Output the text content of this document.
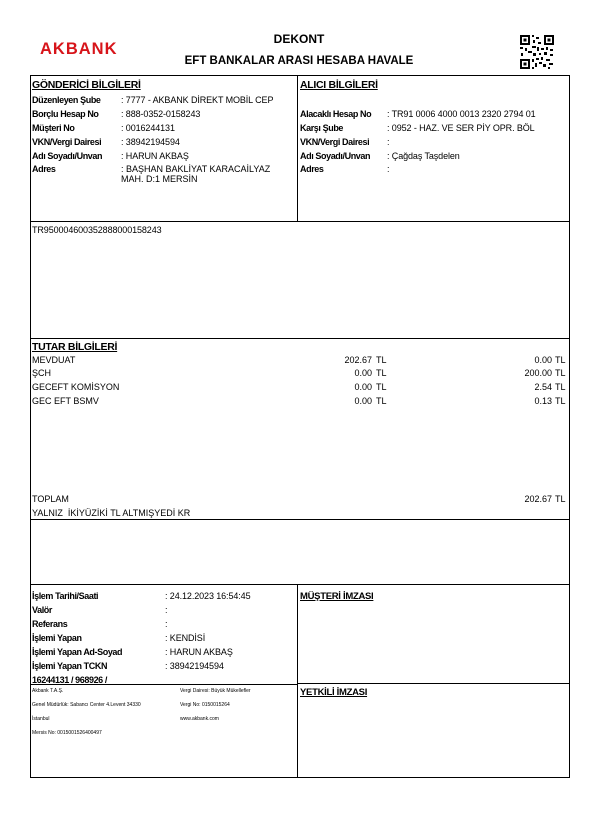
AKBANK
DEKONT
EFT BANKALAR ARASI HESABA HAVALE
GÖNDERİCİ BİLGİLERİ
Düzenleyen Şube : 7777 - AKBANK DİREKT MOBİL CEP
Borçlu Hesap No : 888-0352-0158243
Müşteri No	: 0016244131
VKN/Vergi Dairesi : 38942194594
Adı Soyadı/Unvan : HARUN AKBAŞ
Adres	: BAŞHAN BAKLİYAT KARACAİLYAZ MAH. D:1 MERSİN
ALICI BİLGİLERİ
Alacaklı Hesap No : TR91 0006 4000 0013 2320 2794 01
Karşı Şube	: 0952 - HAZ. VE SER PİY OPR. BÖL
VKN/Vergi Dairesi :
Adı Soyadı/Unvan : Çağdaş Taşdelen
Adres	:
TR950004600352888000158243
TUTAR BİLGİLERİ
MEVDUAT	202.67 TL	0.00 TL
ŞCH	0.00 TL	200.00 TL
GECEFT KOMİSYON	0.00 TL	2.54 TL
GEC EFT BSMV	0.00 TL	0.13 TL
TOPLAM	202.67 TL
YALNIZ  İKİYÜZİKİ TL ALTMIŞYEDİ KR
İşlem Tarihi/Saati	: 24.12.2023 16:54:45
Valör	:
Referans	:
İşlemi Yapan	: KENDİSİ
İşlemi Yapan Ad-Soyad	: HARUN AKBAŞ
İşlemi Yapan TCKN	: 38942194594
16244131 / 968926 /
MÜŞTERİ İMZASI
YETKİLİ İMZASI
Akbank T.A.Ş.
Genel Müdürlük: Sabancı Center 4.Levent 34330
İstanbul
Mersis No: 0015001526400497
Vergi Dairesi: Büyük Mükellefler
Vergi No: 0150015264
www.akbank.com
